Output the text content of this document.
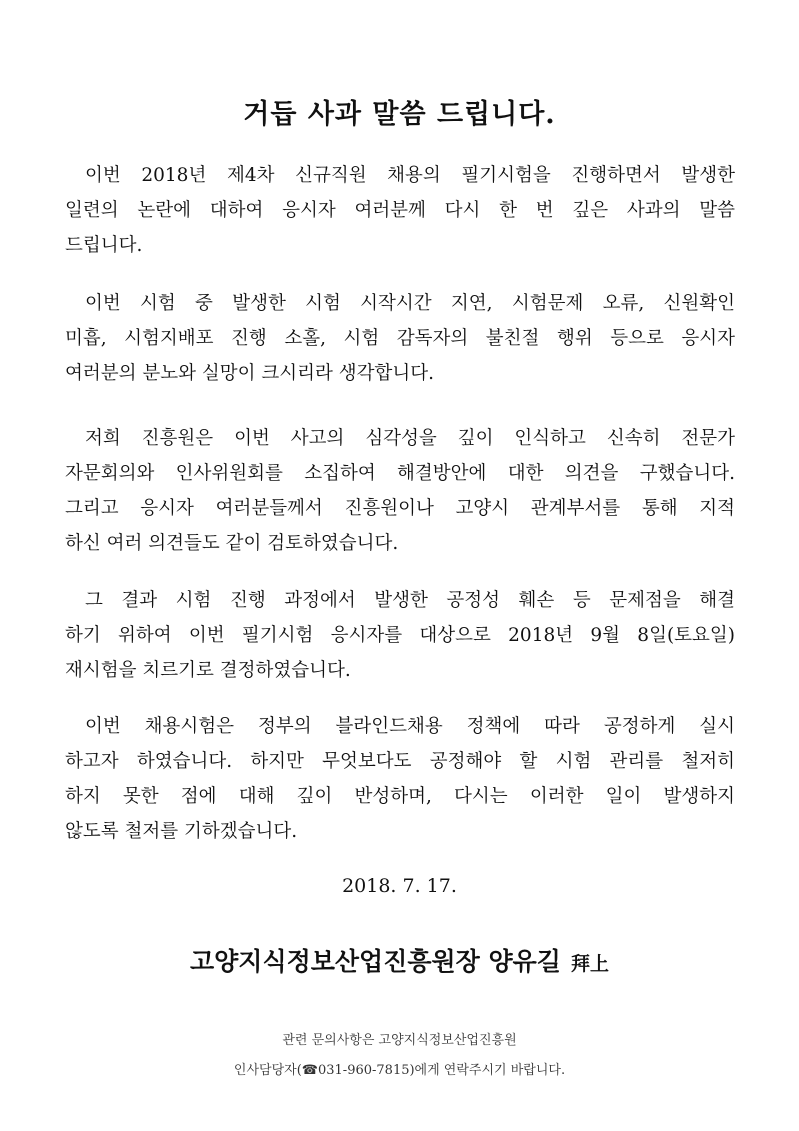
거듭 사과 말씀 드립니다.
이번 2018년 제4차 신규직원 채용의 필기시험을 진행하면서 발생한
일련의 논란에 대하여 응시자 여러분께 다시 한 번 깊은 사과의 말씀
드립니다.
이번 시험 중 발생한 시험 시작시간 지연, 시험문제 오류, 신원확인
미흡, 시험지배포 진행 소홀, 시험 감독자의 불친절 행위 등으로 응시자
여러분의 분노와 실망이 크시리라 생각합니다.
저희 진흥원은 이번 사고의 심각성을 깊이 인식하고 신속히 전문가
자문회의와 인사위원회를 소집하여 해결방안에 대한 의견을 구했습니다.
그리고 응시자 여러분들께서 진흥원이나 고양시 관계부서를 통해 지적
하신 여러 의견들도 같이 검토하였습니다.
그 결과 시험 진행 과정에서 발생한 공정성 훼손 등 문제점을 해결
하기 위하여 이번 필기시험 응시자를 대상으로 2018년 9월 8일(토요일)
재시험을 치르기로 결정하였습니다.
이번 채용시험은 정부의 블라인드채용 정책에 따라 공정하게 실시
하고자 하였습니다. 하지만 무엇보다도 공정해야 할 시험 관리를 철저히
하지 못한 점에 대해 깊이 반성하며, 다시는 이러한 일이 발생하지
않도록 철저를 기하겠습니다.
2018. 7. 17.
고양지식정보산업진흥원장 양유길 拜上
관련 문의사항은 고양지식정보산업진흥원
인사담당자(☎031-960-7815)에게 연락주시기 바랍니다.
